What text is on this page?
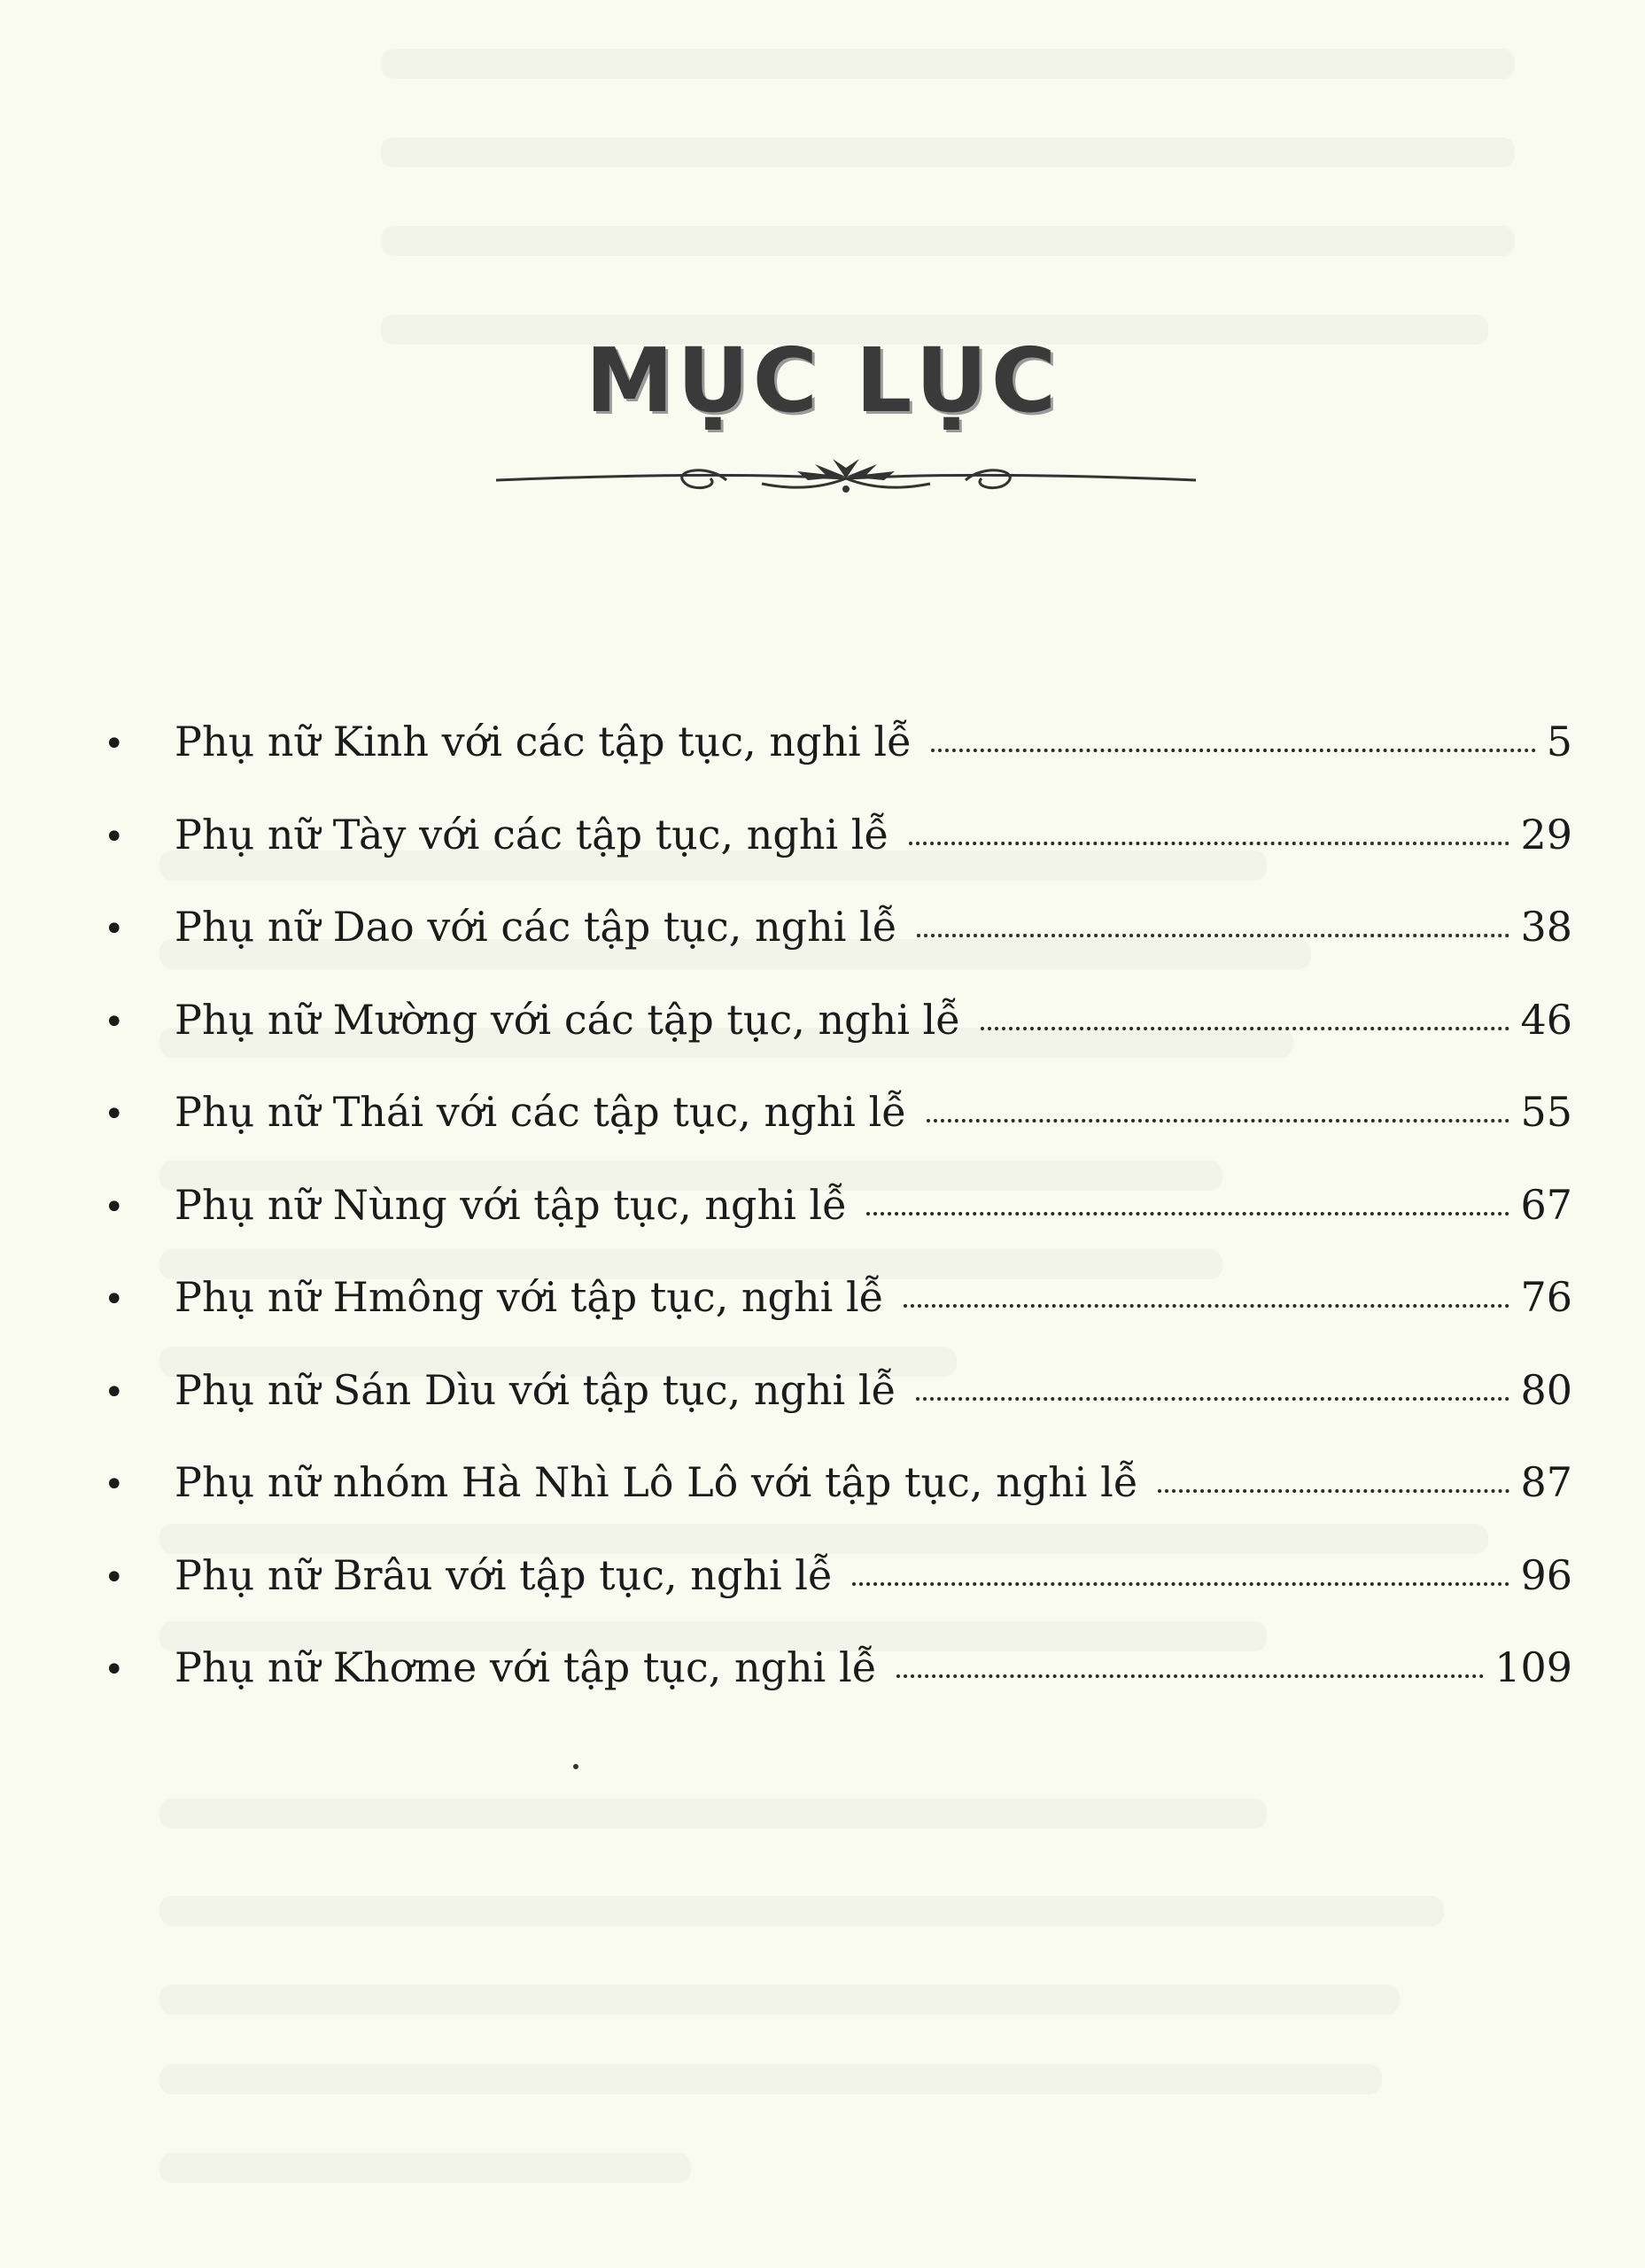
MỤC LỤC
•	Phụ nữ Kinh với các tập tục, nghi lễ	5
•	Phụ nữ Tày với các tập tục, nghi lễ	29
•	Phụ nữ Dao với các tập tục, nghi lễ	38
•	Phụ nữ Mường với các tập tục, nghi lễ	46
•	Phụ nữ Thái với các tập tục, nghi lễ	55
•	Phụ nữ Nùng với tập tục, nghi lễ	67
•	Phụ nữ Hmông với tập tục, nghi lễ	76
•	Phụ nữ Sán Dìu với tập tục, nghi lễ	80
•	Phụ nữ nhóm Hà Nhì Lô Lô với tập tục, nghi lễ	87
•	Phụ nữ Brâu với tập tục, nghi lễ	96
•	Phụ nữ Khơme với tập tục, nghi lễ	109
